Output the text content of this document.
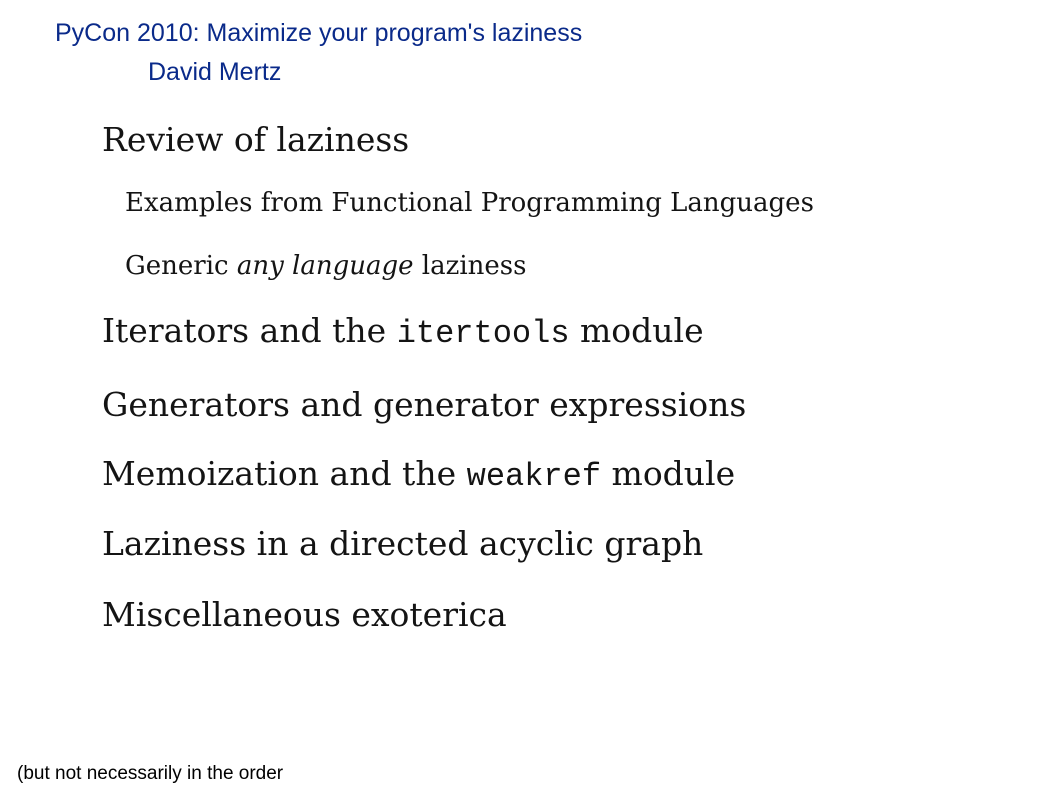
PyCon 2010: Maximize your program's laziness
David Mertz
Review of laziness
Examples from Functional Programming Languages
Generic any language laziness
Iterators and the itertools module
Generators and generator expressions
Memoization and the weakref module
Laziness in a directed acyclic graph
Miscellaneous exoterica
(but not necessarily in the order
